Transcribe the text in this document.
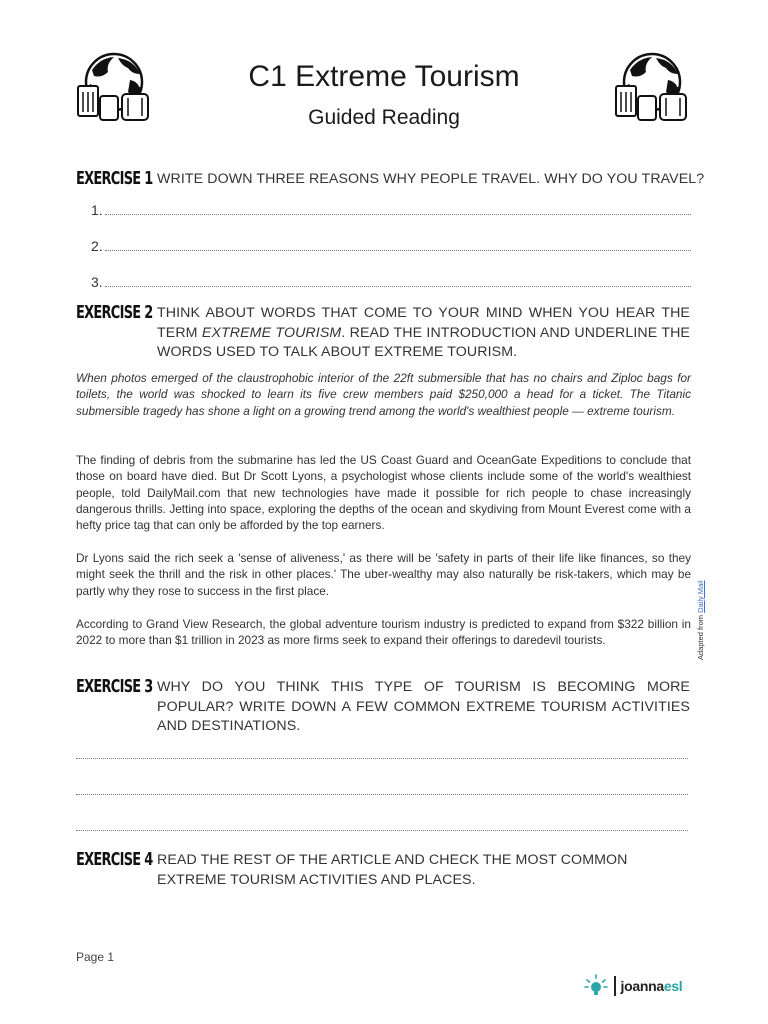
C1 Extreme Tourism
Guided Reading
EXERCISE 1 WRITE DOWN THREE REASONS WHY PEOPLE TRAVEL. WHY DO YOU TRAVEL?
1.
2.
3.
EXERCISE 2 THINK ABOUT WORDS THAT COME TO YOUR MIND WHEN YOU HEAR THE TERM EXTREME TOURISM. READ THE INTRODUCTION AND UNDERLINE THE WORDS USED TO TALK ABOUT EXTREME TOURISM.
When photos emerged of the claustrophobic interior of the 22ft submersible that has no chairs and Ziploc bags for toilets, the world was shocked to learn its five crew members paid $250,000 a head for a ticket. The Titanic submersible tragedy has shone a light on a growing trend among the world's wealthiest people — extreme tourism.
The finding of debris from the submarine has led the US Coast Guard and OceanGate Expeditions to conclude that those on board have died. But Dr Scott Lyons, a psychologist whose clients include some of the world's wealthiest people, told DailyMail.com that new technologies have made it possible for rich people to chase increasingly dangerous thrills. Jetting into space, exploring the depths of the ocean and skydiving from Mount Everest come with a hefty price tag that can only be afforded by the top earners.
Dr Lyons said the rich seek a 'sense of aliveness,' as there will be 'safety in parts of their life like finances, so they might seek the thrill and the risk in other places.' The uber-wealthy may also naturally be risk-takers, which may be partly why they rose to success in the first place.
According to Grand View Research, the global adventure tourism industry is predicted to expand from $322 billion in 2022 to more than $1 trillion in 2023 as more firms seek to expand their offerings to daredevil tourists.	Adapted from Daily Mail
EXERCISE 3 WHY DO YOU THINK THIS TYPE OF TOURISM IS BECOMING MORE POPULAR? WRITE DOWN A FEW COMMON EXTREME TOURISM ACTIVITIES AND DESTINATIONS.
EXERCISE 4 READ THE REST OF THE ARTICLE AND CHECK THE MOST COMMON EXTREME TOURISM ACTIVITIES AND PLACES.
Page 1
joanna esl
